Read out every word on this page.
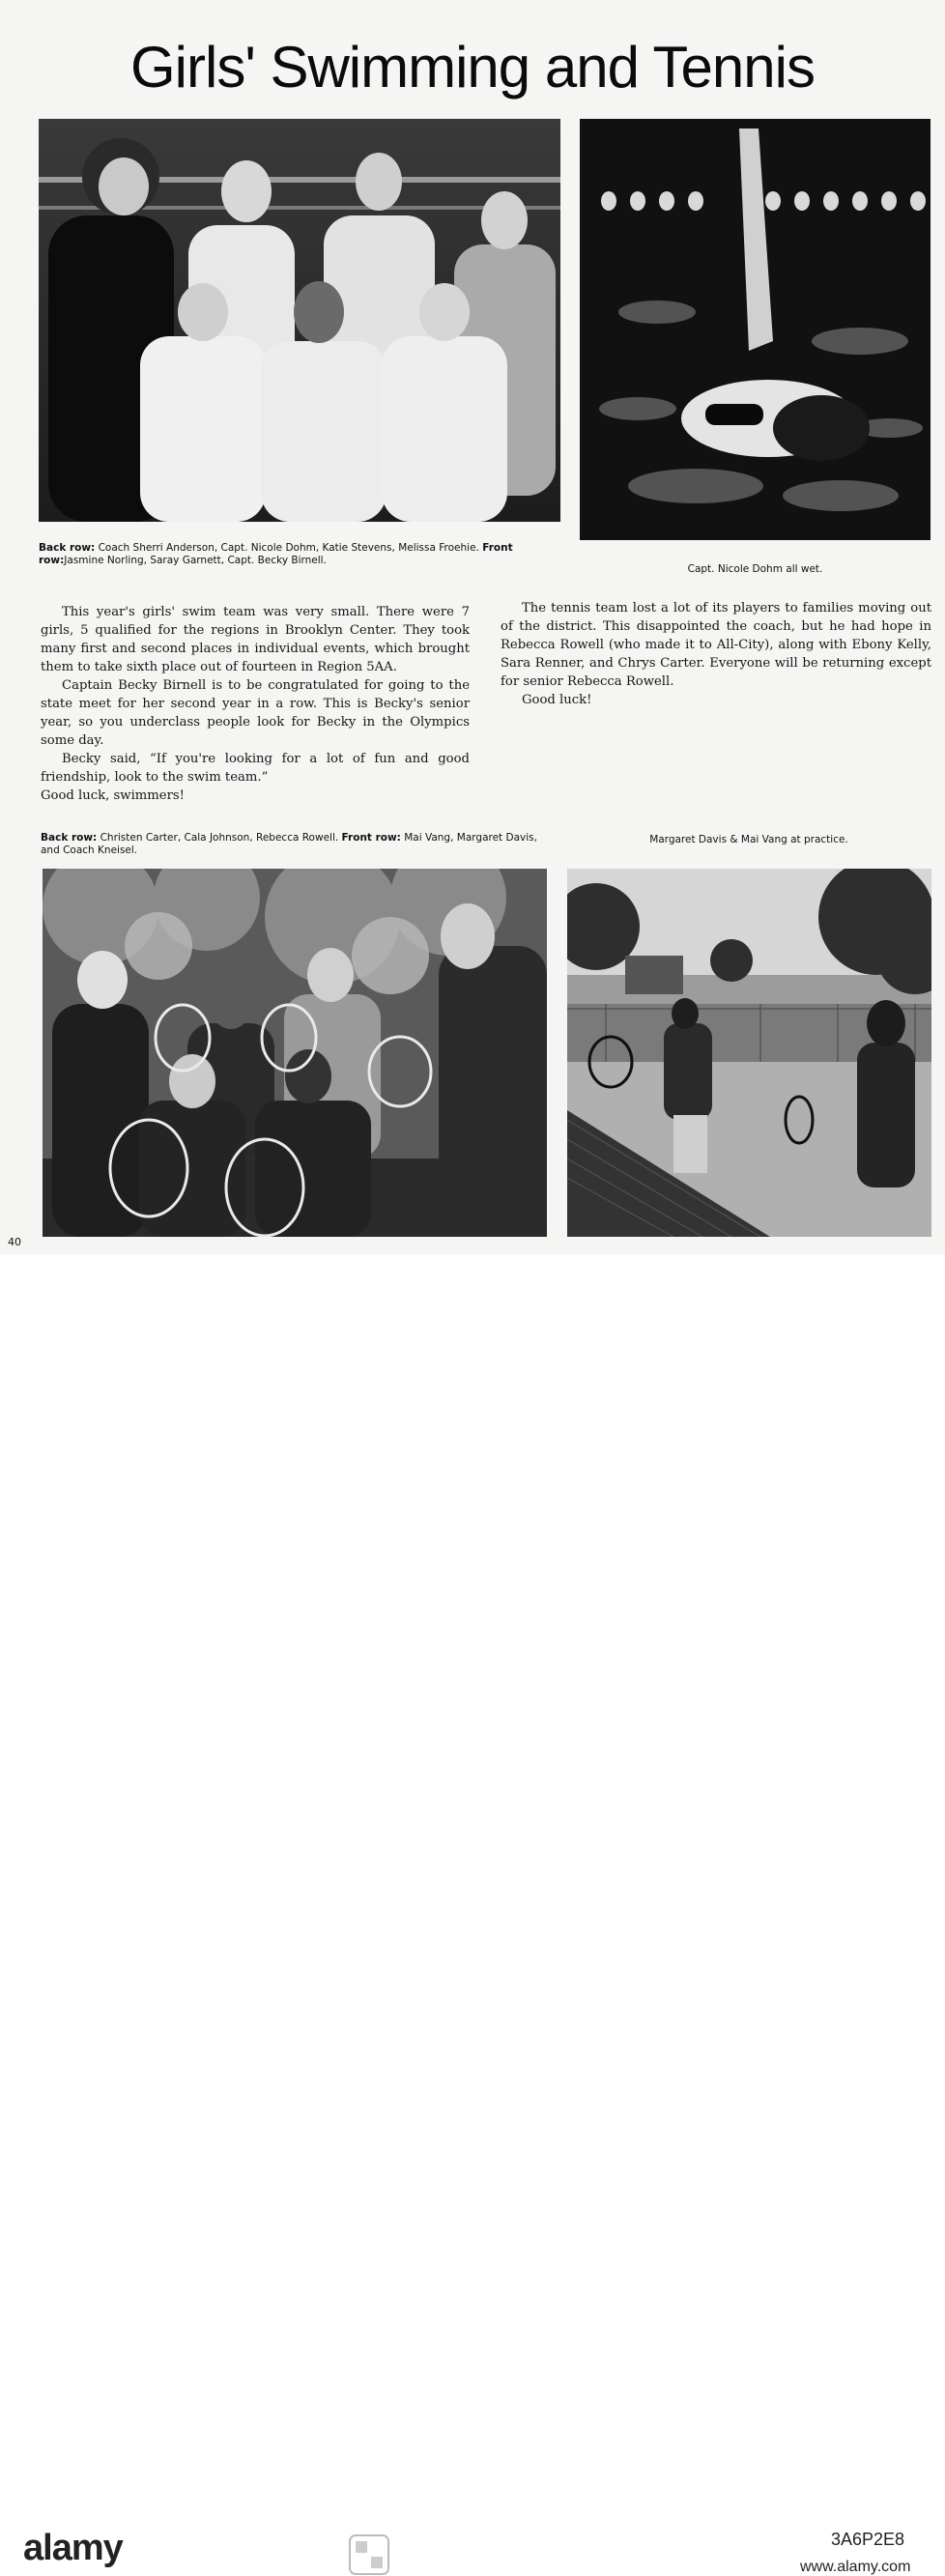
Girls' Swimming and Tennis

Back row: Coach Sherri Anderson, Capt. Nicole Dohm, Katie Stevens, Melissa Froehie. Front row:Jasmine Norling, Saray Garnett, Capt. Becky Birnell.

Capt. Nicole Dohm all wet.

This year's girls' swim team was very small. There were 7 girls, 5 qualified for the regions in Brooklyn Center. They took many first and second places in individual events, which brought them to take sixth place out of fourteen in Region 5AA.

Captain Becky Birnell is to be congratulated for going to the state meet for her second year in a row. This is Becky's senior year, so you underclass people look for Becky in the Olympics some day.

Becky said, “If you're looking for a lot of fun and good friendship, look to the swim team.”

Good luck, swimmers!

The tennis team lost a lot of its players to families moving out of the district. This disappointed the coach, but he had hope in Rebecca Rowell (who made it to All-City), along with Ebony Kelly, Sara Renner, and Chrys Carter. Everyone will be returning except for senior Rebecca Rowell.

Good luck!

Back row: Christen Carter, Cala Johnson, Rebecca Rowell. Front row: Mai Vang, Margaret Davis, and Coach Kneisel.

Margaret Davis & Mai Vang at practice.

40
alamy	3A6P2E8
www.alamy.com
